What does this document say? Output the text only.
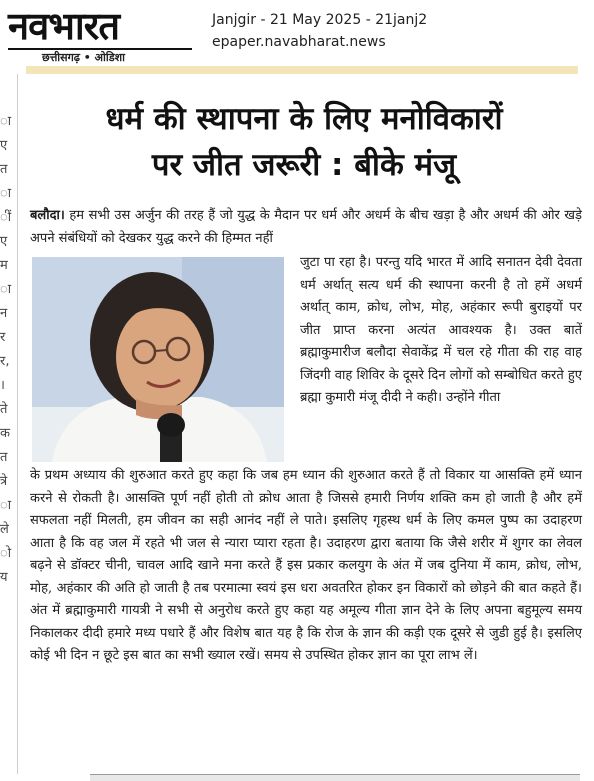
नवभारत
छत्तीसगढ़ • ओडिशा
Janjgir - 21 May 2025 - 21janj2
epaper.navabharat.news
ा
ए
त
ा
ीं
ए
म
ा
न
र
र,
।
ते
क
त
त्रे
ा
ले
ाे
य
धर्म की स्थापना के लिए मनोविकारों
पर जीत जरूरी : बीके मंजू
बलौदा। हम सभी उस अर्जुन की तरह हैं जो युद्ध के मैदान पर धर्म और अधर्म के बीच खड़ा है और अधर्म की ओर खड़े अपने संबंधियों को देखकर युद्ध करने की हिम्मत नहीं
जुटा पा रहा है। परन्तु यदि भारत में आदि सनातन देवी देवता धर्म अर्थात् सत्य धर्म की स्थापना करनी है तो हमें अधर्म अर्थात् काम, क्रोध, लोभ, मोह, अहंकार रूपी बुराइयों पर जीत प्राप्त करना अत्यंत आवश्यक है। उक्त बातें ब्रह्माकुमारीज बलौदा सेवाकेंद्र में चल रहे गीता की राह वाह जिंदगी वाह शिविर के दूसरे दिन लोगों को सम्बोधित करते हुए ब्रह्मा कुमारी मंजू दीदी ने कही। उन्होंने गीता
के प्रथम अध्याय की शुरुआत करते हुए कहा कि जब हम ध्यान की शुरुआत करते हैं तो विकार या आसक्ति हमें ध्यान करने से रोकती है। आसक्ति पूर्ण नहीं होती तो क्रोध आता है जिससे हमारी निर्णय शक्ति कम हो जाती है और हमें सफलता नहीं मिलती, हम जीवन का सही आनंद नहीं ले पाते। इसलिए गृहस्थ धर्म के लिए कमल पुष्प का उदाहरण आता है कि वह जल में रहते भी जल से न्यारा प्यारा रहता है। उदाहरण द्वारा बताया कि जैसे शरीर में शुगर का लेवल बढ़ने से डॉक्टर चीनी, चावल आदि खाने मना करते हैं इस प्रकार कलयुग के अंत में जब दुनिया में काम, क्रोध, लोभ, मोह, अहंकार की अति हो जाती है तब परमात्मा स्वयं इस धरा अवतरित होकर इन विकारों को छोड़ने की बात कहते हैं। अंत में ब्रह्माकुमारी गायत्री ने सभी से अनुरोध करते हुए कहा यह अमूल्य गीता ज्ञान देने के लिए अपना बहुमूल्य समय निकालकर दीदी हमारे मध्य पधारे हैं और विशेष बात यह है कि रोज के ज्ञान की कड़ी एक दूसरे से जुडी हुई है। इसलिए कोई भी दिन न छूटे इस बात का सभी ख्याल रखें। समय से उपस्थित होकर ज्ञान का पूरा लाभ लें।
